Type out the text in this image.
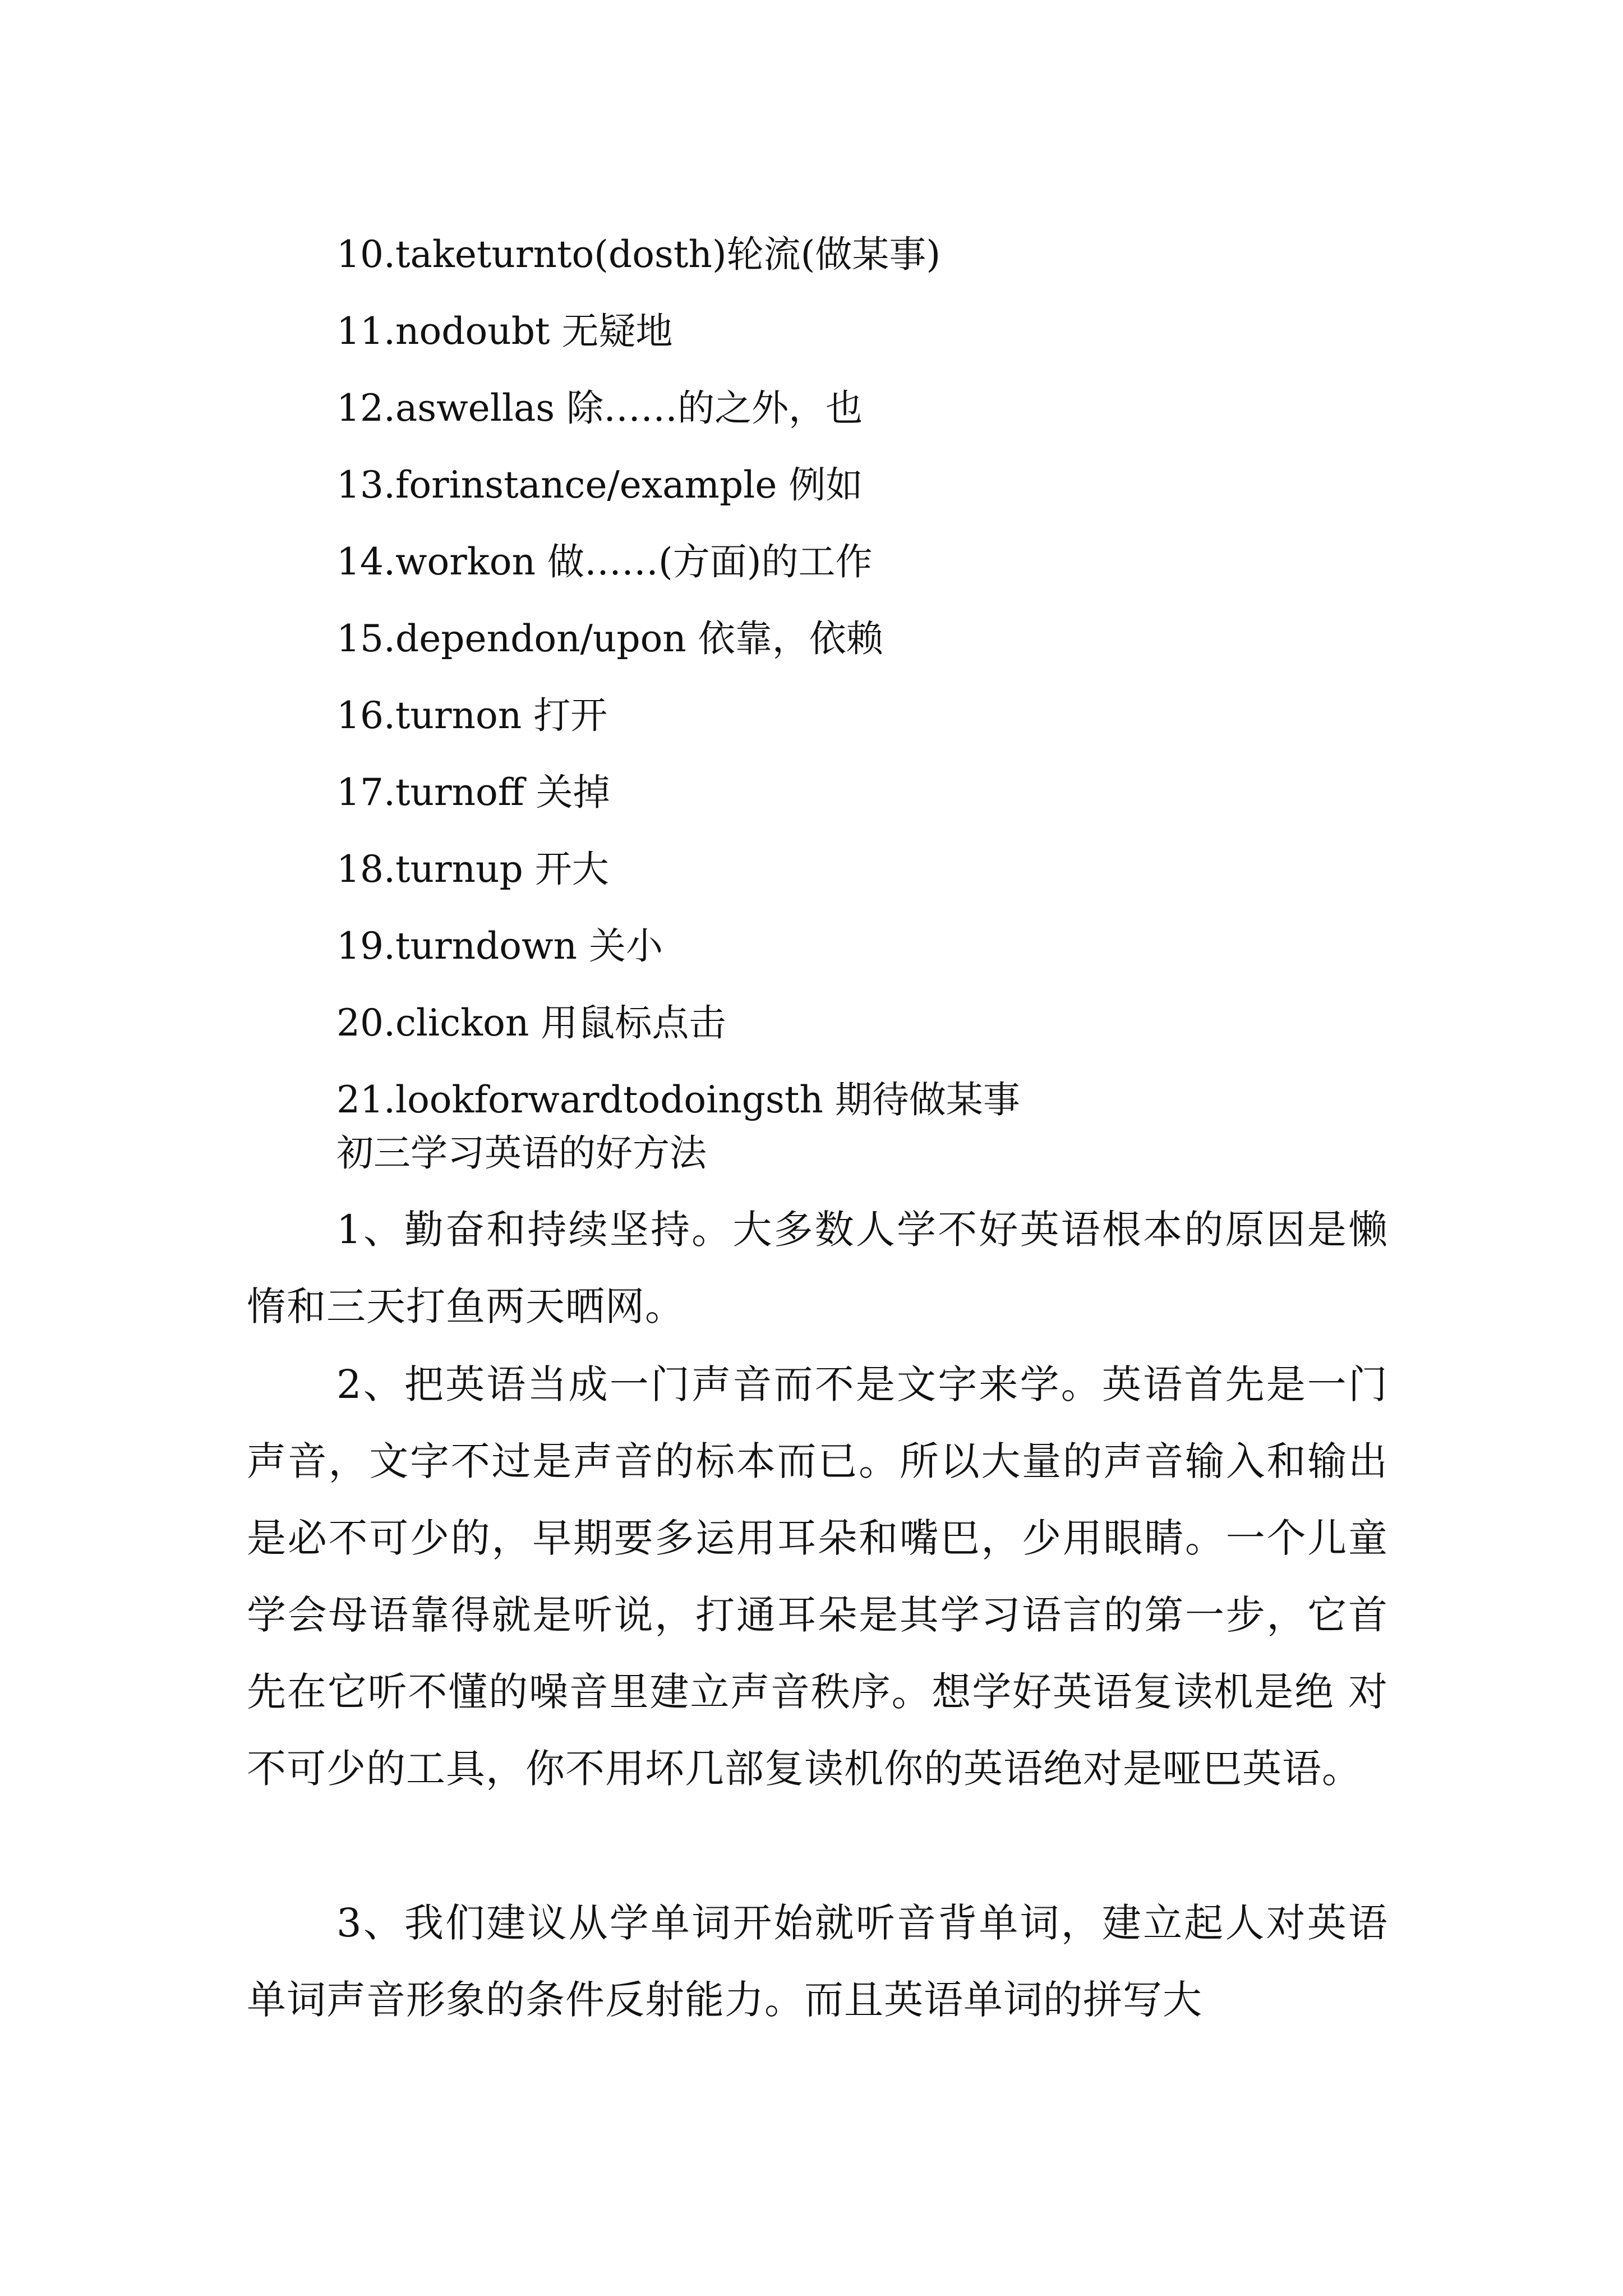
10.taketurnto(dosth)轮流(做某事)
11.nodoubt 无疑地
12.aswellas 除……的之外，也
13.forinstance/example 例如
14.workon 做……(方面)的工作
15.dependon/upon 依靠，依赖
16.turnon 打开
17.turnoff 关掉
18.turnup 开大
19.turndown 关小
20.clickon 用鼠标点击
21.lookforwardtodoingsth 期待做某事
初三学习英语的好方法

1、勤奋和持续坚持。大多数人学不好英语根本的原因是懒惰和三天打鱼两天晒网。

2、把英语当成一门声音而不是文字来学。英语首先是一门声音，文字不过是声音的标本而已。所以大量的声音输入和输出是必不可少的，早期要多运用耳朵和嘴巴，少用眼睛。一个儿童学会母语靠得就是听说，打通耳朵是其学习语言的第一步，它首先在它听不懂的噪音里建立声音秩序。想学好英语复读机是绝 对不可少的工具，你不用坏几部复读机你的英语绝对是哑巴英语。

3、我们建议从学单词开始就听音背单词，建立起人对英语单词声音形象的条件反射能力。而且英语单词的拼写大
